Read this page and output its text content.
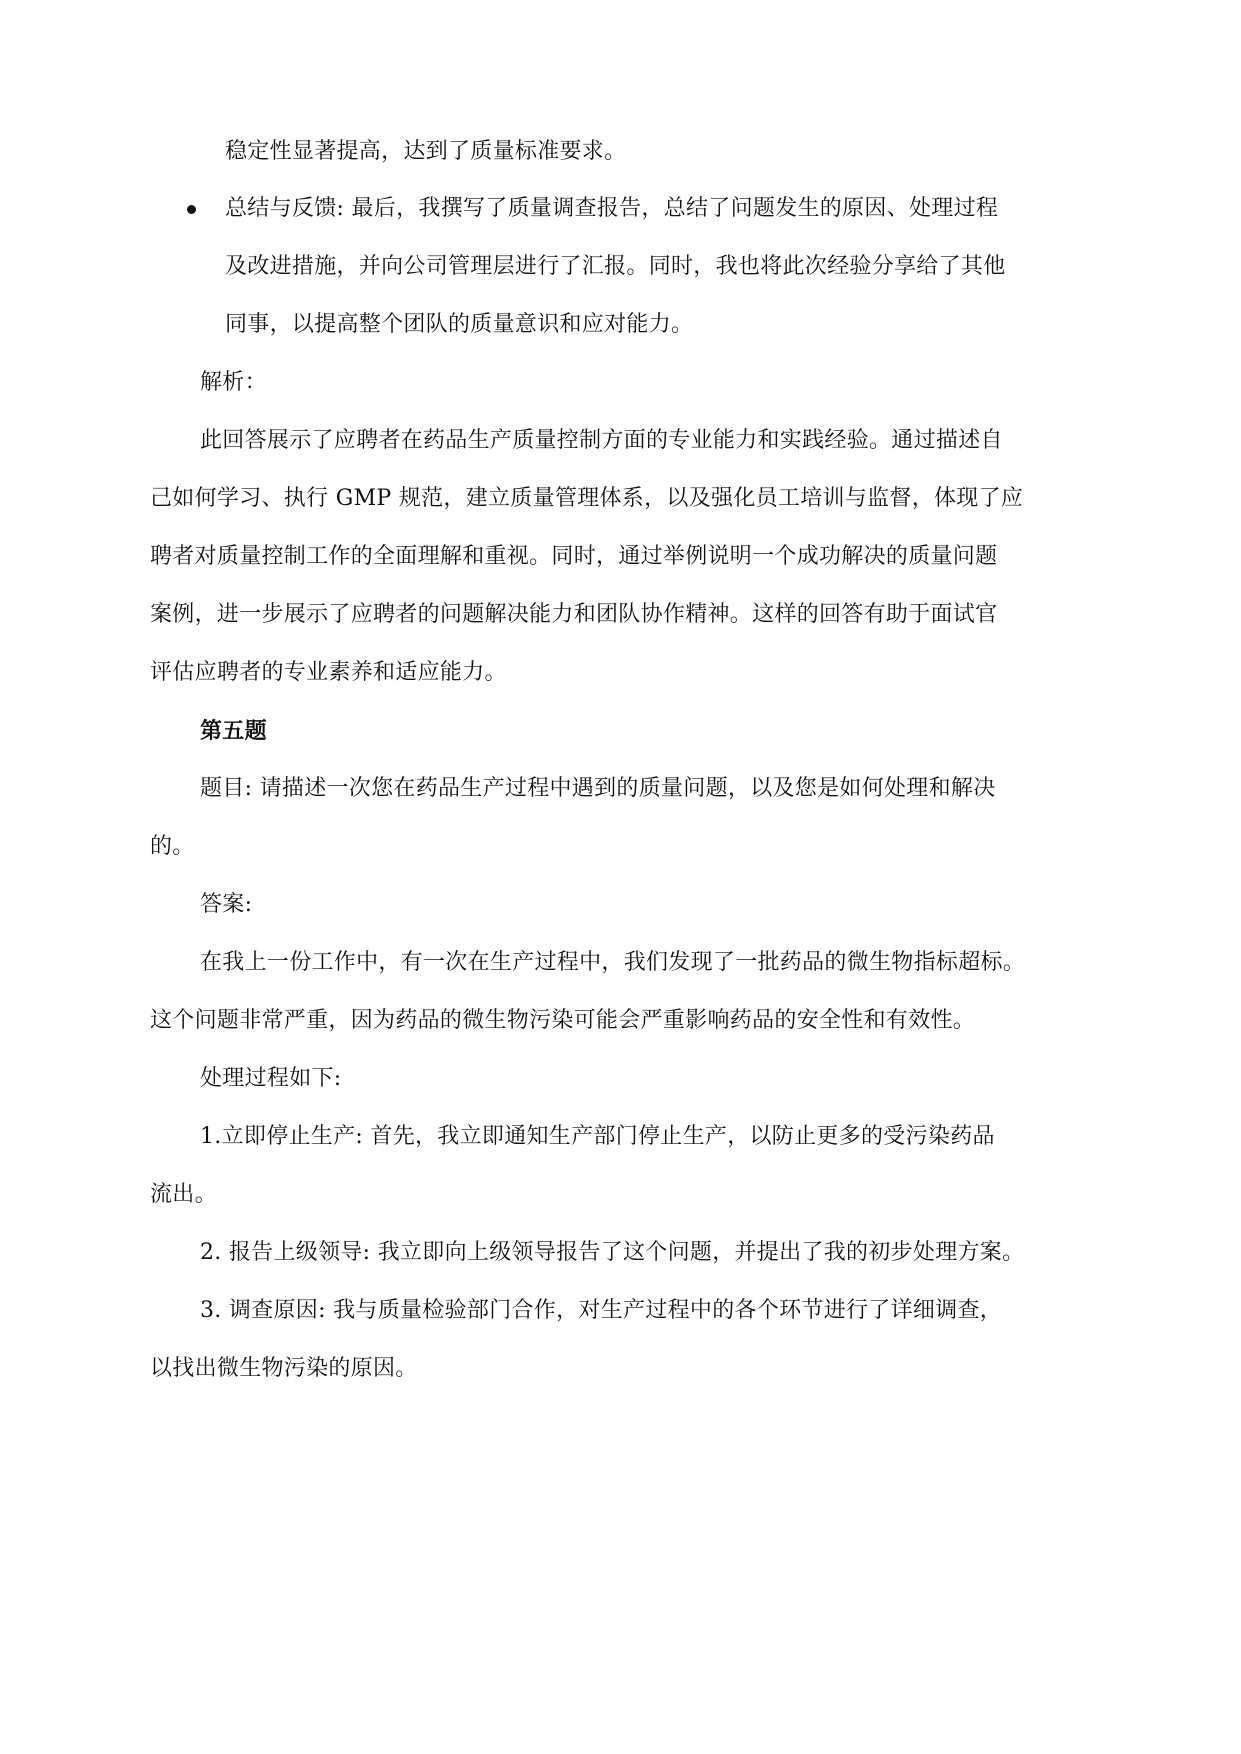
稳定性显著提高，达到了质量标准要求。
总结与反馈: 最后，我撰写了质量调查报告，总结了问题发生的原因、处理过程
及改进措施，并向公司管理层进行了汇报。同时，我也将此次经验分享给了其他
同事，以提高整个团队的质量意识和应对能力。
解析：
此回答展示了应聘者在药品生产质量控制方面的专业能力和实践经验。通过描述自
己如何学习、执行 GMP 规范，建立质量管理体系，以及强化员工培训与监督，体现了应
聘者对质量控制工作的全面理解和重视。同时，通过举例说明一个成功解决的质量问题
案例，进一步展示了应聘者的问题解决能力和团队协作精神。这样的回答有助于面试官
评估应聘者的专业素养和适应能力。
第五题
题目: 请描述一次您在药品生产过程中遇到的质量问题，以及您是如何处理和解决
的。
答案:
在我上一份工作中，有一次在生产过程中，我们发现了一批药品的微生物指标超标。
这个问题非常严重，因为药品的微生物污染可能会严重影响药品的安全性和有效性。
处理过程如下:
1.立即停止生产: 首先，我立即通知生产部门停止生产，以防止更多的受污染药品
流出。
2. 报告上级领导: 我立即向上级领导报告了这个问题，并提出了我的初步处理方案。
3. 调查原因: 我与质量检验部门合作，对生产过程中的各个环节进行了详细调查，
以找出微生物污染的原因。
